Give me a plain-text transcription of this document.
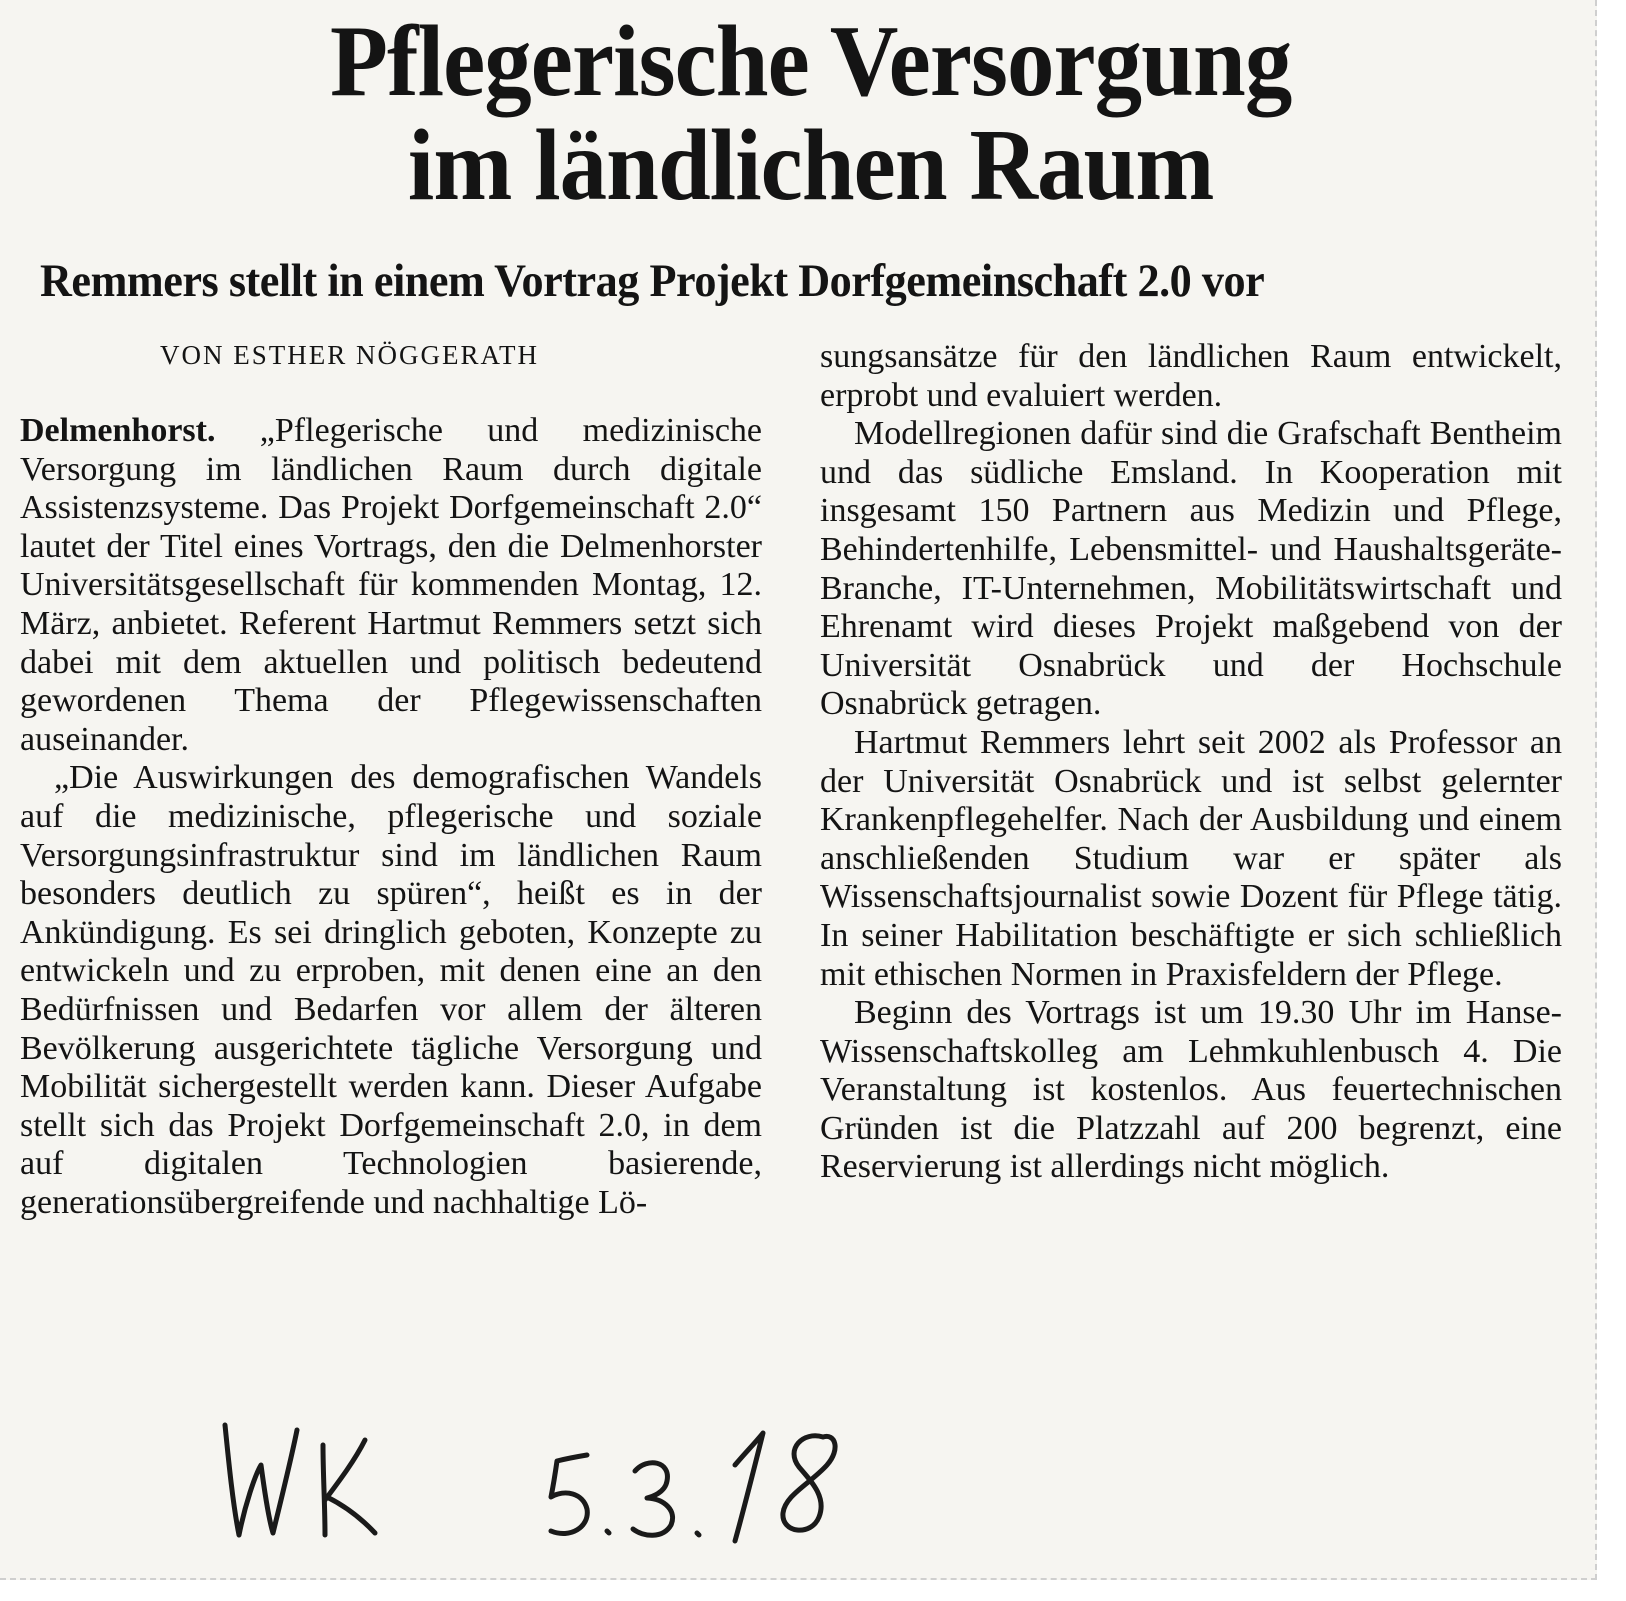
Pflegerische Versorgung
im ländlichen Raum
Remmers stellt in einem Vortrag Projekt Dorfgemeinschaft 2.0 vor
VON ESTHER NÖGGERATH

Delmenhorst. „Pflegerische und medizinische Versorgung im ländlichen Raum durch digitale Assistenzsysteme. Das Projekt Dorfgemeinschaft 2.0“ lautet der Titel eines Vortrags, den die Delmenhorster Universitätsgesellschaft für kommenden Montag, 12. März, anbietet. Referent Hartmut Remmers setzt sich dabei mit dem aktuellen und politisch bedeutend gewordenen Thema der Pflegewissenschaften auseinander.

„Die Auswirkungen des demografischen Wandels auf die medizinische, pflegerische und soziale Versorgungsinfrastruktur sind im ländlichen Raum besonders deutlich zu spüren“, heißt es in der Ankündigung. Es sei dringlich geboten, Konzepte zu entwickeln und zu erproben, mit denen eine an den Bedürfnissen und Bedarfen vor allem der älteren Bevölkerung ausgerichtete tägliche Versorgung und Mobilität sichergestellt werden kann. Dieser Aufgabe stellt sich das Projekt Dorfgemeinschaft 2.0, in dem auf digitalen Technologien basierende, generationsübergreifende und nachhaltige Lö-

sungsansätze für den ländlichen Raum entwickelt, erprobt und evaluiert werden.

Modellregionen dafür sind die Grafschaft Bentheim und das südliche Emsland. In Kooperation mit insgesamt 150 Partnern aus Medizin und Pflege, Behindertenhilfe, Lebensmittel- und Haushaltsgeräte-Branche, IT-Unternehmen, Mobilitätswirtschaft und Ehrenamt wird dieses Projekt maßgebend von der Universität Osnabrück und der Hochschule Osnabrück getragen.

Hartmut Remmers lehrt seit 2002 als Professor an der Universität Osnabrück und ist selbst gelernter Krankenpflegehelfer. Nach der Ausbildung und einem anschließenden Studium war er später als Wissenschaftsjournalist sowie Dozent für Pflege tätig. In seiner Habilitation beschäftigte er sich schließlich mit ethischen Normen in Praxisfeldern der Pflege.

Beginn des Vortrags ist um 19.30 Uhr im Hanse-Wissenschaftskolleg am Lehmkuhlenbusch 4. Die Veranstaltung ist kostenlos. Aus feuertechnischen Gründen ist die Platzzahl auf 200 begrenzt, eine Reservierung ist allerdings nicht möglich.
